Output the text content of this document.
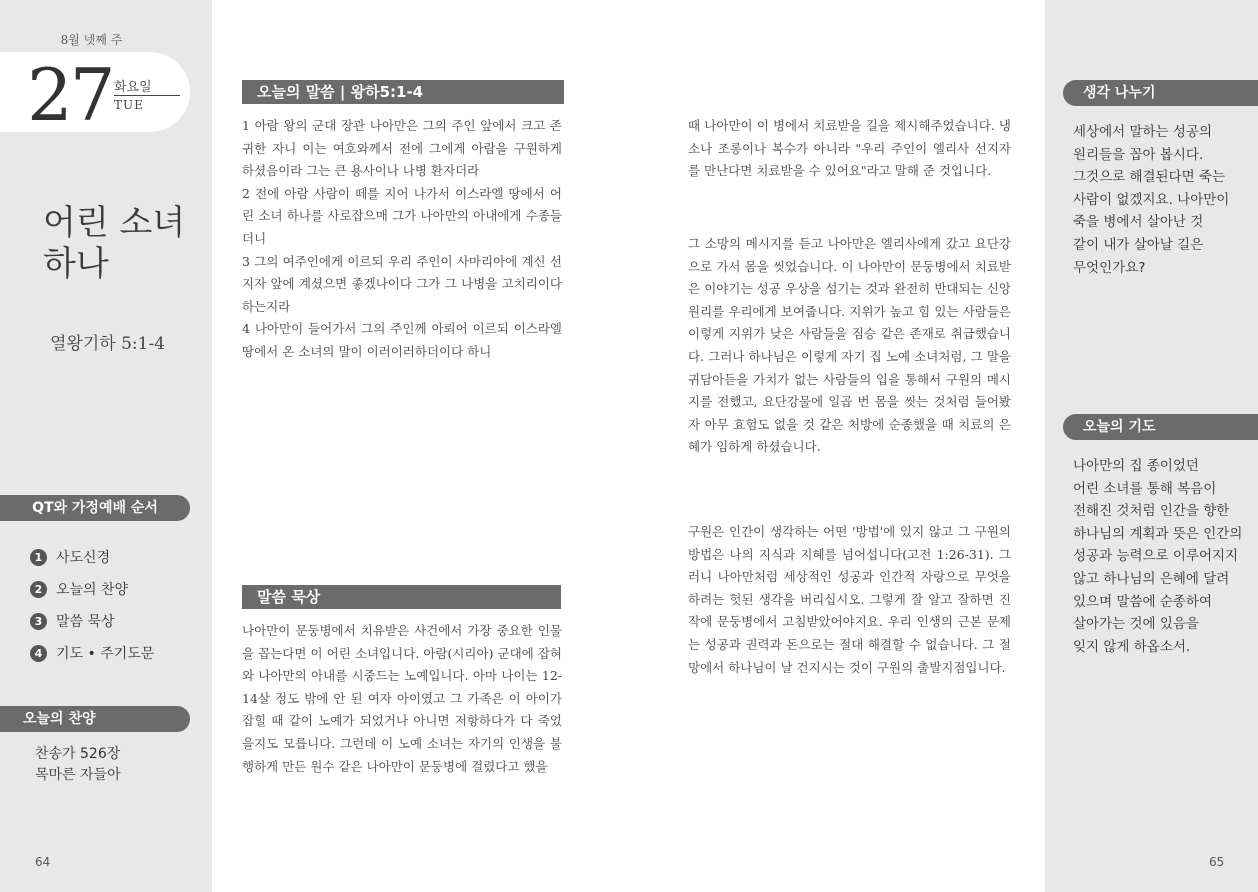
8월 넷째 주
27 화요일
TUE
어린 소녀
하나
열왕기하 5:1-4
QT와 가정예배 순서
1 사도신경
2 오늘의 찬양
3 말씀 묵상
4 기도 • 주기도문
오늘의 찬양
찬송가 526장
목마른 자들아
64
오늘의 말씀 | 왕하5:1-4

1 아람 왕의 군대 장관 나아만은 그의 주인 앞에서 크고 존귀한 자니 이는 여호와께서 전에 그에게 아람을 구원하게 하셨음이라 그는 큰 용사이나 나병 환자더라
2 전에 아람 사람이 떼를 지어 나가서 이스라엘 땅에서 어린 소녀 하나를 사로잡으매 그가 나아만의 아내에게 수종들더니
3 그의 여주인에게 이르되 우리 주인이 사마리아에 계신 선지자 앞에 계셨으면 좋겠나이다 그가 그 나병을 고치리이다 하는지라
4 나아만이 들어가서 그의 주인께 아뢰어 이르되 이스라엘 땅에서 온 소녀의 말이 이러이러하더이다 하니

말씀 묵상

나아만이 문둥병에서 치유받은 사건에서 가장 중요한 인물을 꼽는다면 이 어린 소녀입니다. 아람(시리아) 군대에 잡혀와 나아만의 아내를 시중드는 노예입니다. 아마 나이는 12-14살 정도 밖에 안 된 여자 아이였고 그 가족은 이 아이가 잡힐 때 같이 노예가 되었거나 아니면 저항하다가 다 죽었을지도 모릅니다. 그런데 이 노예 소녀는 자기의 인생을 불행하게 만든 원수 같은 나아만이 문둥병에 걸렸다고 했을

때 나아만이 이 병에서 치료받을 길을 제시해주었습니다. 냉소나 조롱이나 복수가 아니라 "우리 주인이 엘리사 선지자를 만난다면 치료받을 수 있어요"라고 말해 준 것입니다.

그 소망의 메시지를 듣고 나아만은 엘리사에게 갔고 요단강으로 가서 몸을 씻었습니다. 이 나아만이 문둥병에서 치료받은 이야기는 성공 우상을 섬기는 것과 완전히 반대되는 신앙 원리를 우리에게 보여줍니다. 지위가 높고 힘 있는 사람들은 이렇게 지위가 낮은 사람들을 짐승 같은 존재로 취급했습니다. 그러나 하나님은 이렇게 자기 집 노예 소녀처럼, 그 말을 귀담아듣을 가치가 없는 사람들의 입을 통해서 구원의 메시지를 전했고, 요단강물에 일곱 번 몸을 씻는 것처럼 들어봤자 아무 효험도 없을 것 같은 처방에 순종했을 때 치료의 은혜가 임하게 하셨습니다.

구원은 인간이 생각하는 어떤 '방법'에 있지 않고 그 구원의 방법은 나의 지식과 지혜를 넘어섭니다(고전 1:26-31). 그러니 나아만처럼 세상적인 성공과 인간적 자랑으로 무엇을 하려는 헛된 생각을 버리십시오. 그렇게 잘 알고 잘하면 진작에 문둥병에서 고침받았어야지요. 우리 인생의 근본 문제는 성공과 권력과 돈으로는 절대 해결할 수 없습니다. 그 절망에서 하나님이 날 건지시는 것이 구원의 출발지점입니다.

생각 나누기

세상에서 말하는 성공의
원리들을 꼽아 봅시다.
그것으로 해결된다면 죽는
사람이 없겠지요. 나아만이
죽을 병에서 살아난 것
같이 내가 살아날 길은
무엇인가요?

오늘의 기도

나아만의 집 종이었던
어린 소녀를 통해 복음이
전해진 것처럼 인간을 향한
하나님의 계획과 뜻은 인간의
성공과 능력으로 이루어지지
않고 하나님의 은혜에 달려
있으며 말씀에 순종하여
살아가는 것에 있음을
잊지 않게 하옵소서.

65
